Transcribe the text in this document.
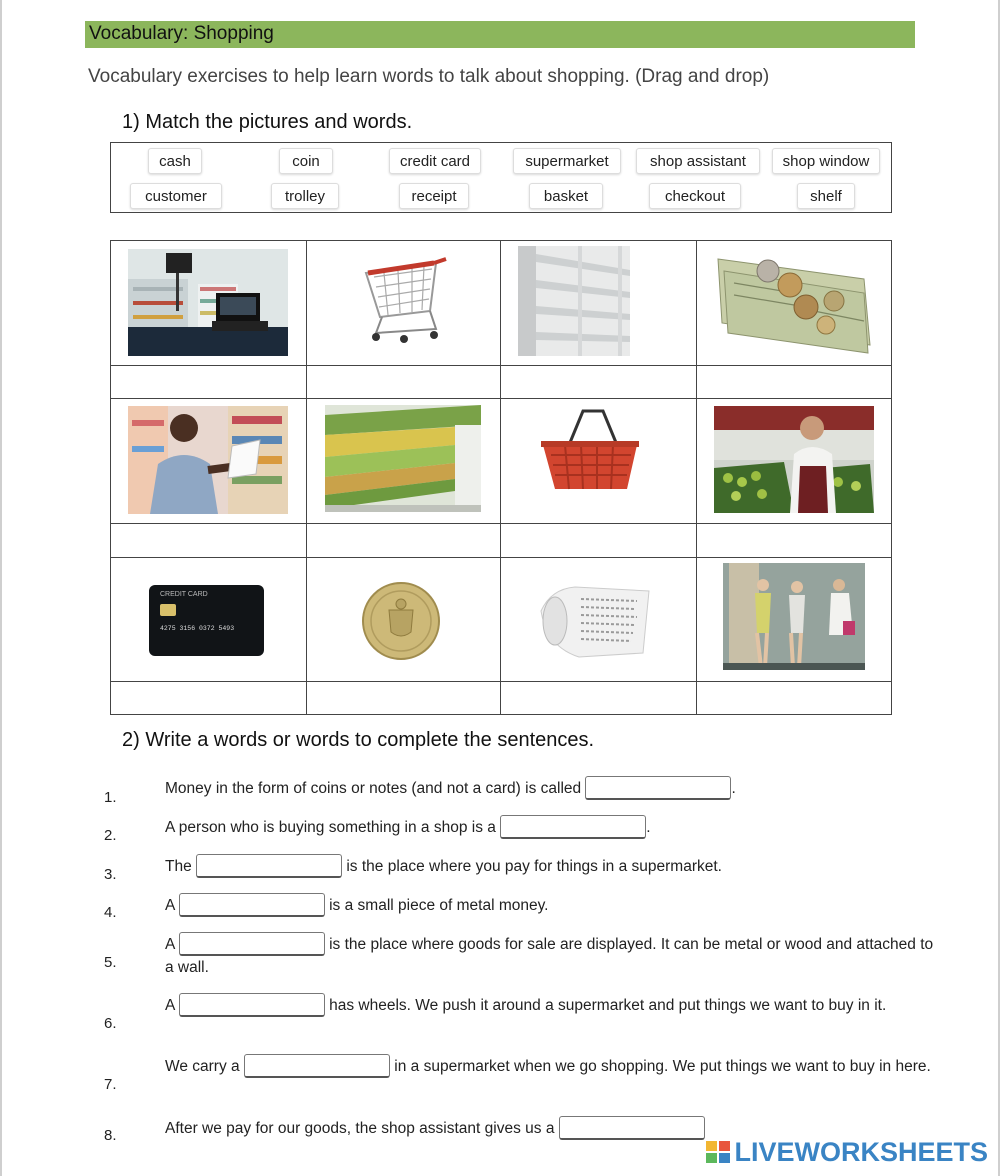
Vocabulary: Shopping
Vocabulary exercises to help learn words to talk about shopping. (Drag and drop)
1) Match the pictures and words.
cash	coin	credit card	supermarket	shop assistant	shop window
customer	trolley	receipt	basket	checkout	shelf
CREDIT CARD
4275 3156 0372 5493
2) Write a words or words to complete the sentences.
1.
Money in the form of coins or notes (and not a card) is called	.
2.	A person who is buying something in a shop is a	.
3.	The	is the place where you pay for things in a supermarket.
4.	A	is a small piece of metal money.
5.
A	is the place where goods for sale are displayed. It can be metal or wood and attached to a wall.
6.
A	has wheels. We push it around a supermarket and put things we want to buy in it.
7.
We carry a	in a supermarket when we go shopping. We put things we want to buy in here.
8.	After we pay for our goods, the shop assistant gives us a
LIVEWORKSHEETS
